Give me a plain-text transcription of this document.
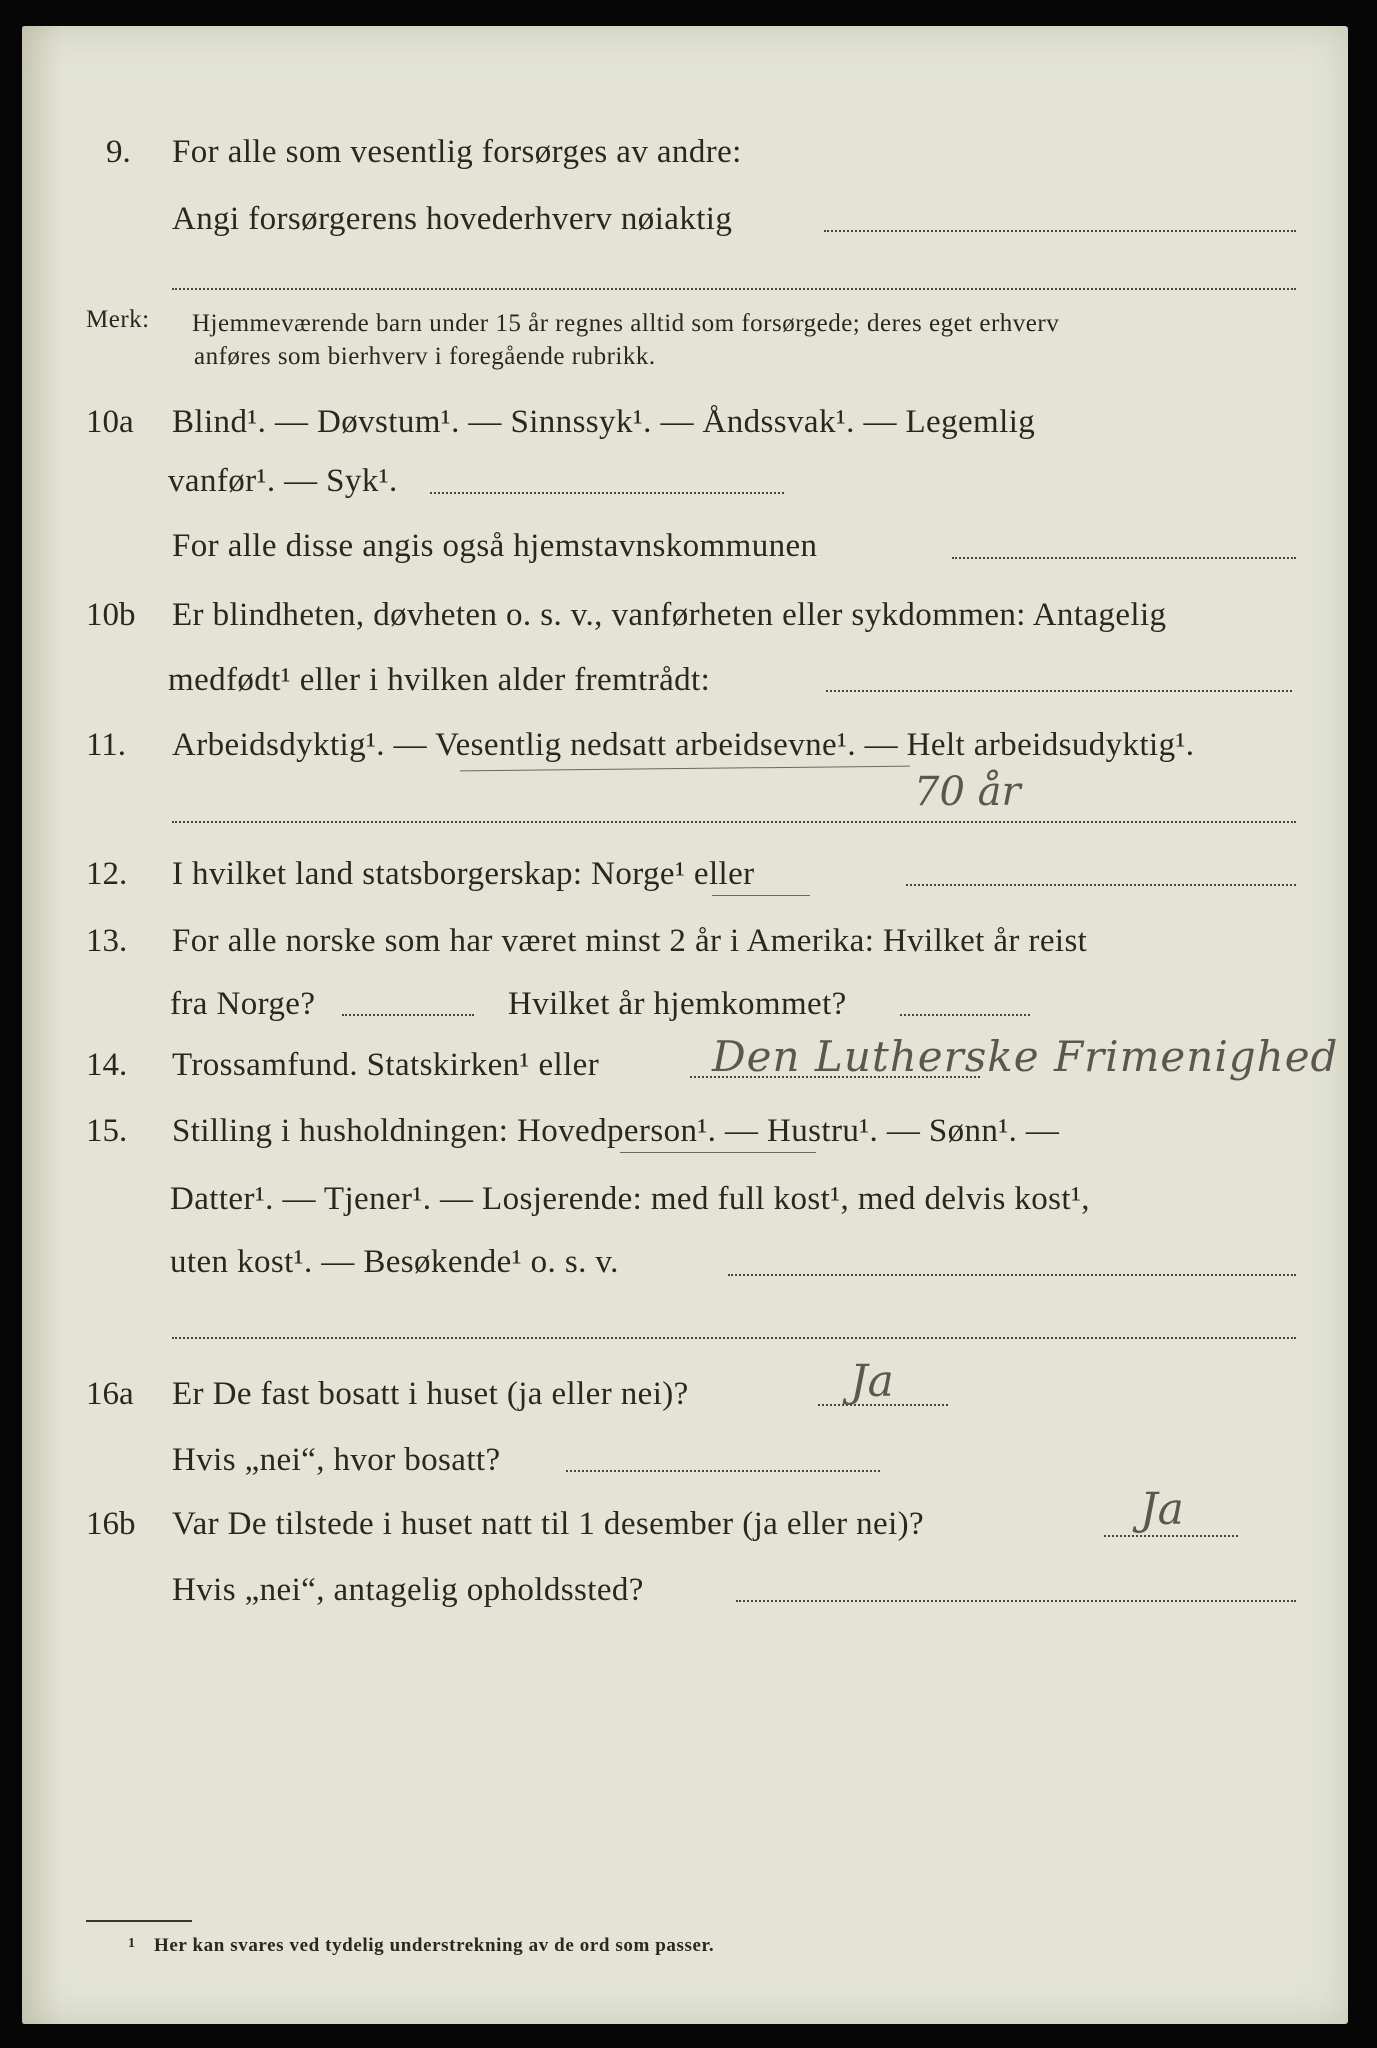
9. For alle som vesentlig forsørges av andre:
Angi forsørgerens hovederhverv nøiaktig
Merk: Hjemmeværende barn under 15 år regnes alltid som forsørgede; deres eget erhverv
anføres som bierhverv i foregående rubrikk.
10a Blind¹. — Døvstum¹. — Sinnssyk¹. — Åndssvak¹. — Legemlig
vanfør¹. — Syk¹.
For alle disse angis også hjemstavnskommunen
10b Er blindheten, døvheten o. s. v., vanførheten eller sykdommen: Antagelig
medfødt¹ eller i hvilken alder fremtrådt:
11. Arbeidsdyktig¹. — Vesentlig nedsatt arbeidsevne¹. — Helt arbeidsudyktig¹.
70 år
12. I hvilket land statsborgerskap: Norge¹ eller
13. For alle norske som har været minst 2 år i Amerika: Hvilket år reist
fra Norge?	Hvilket år hjemkommet?
14. Trossamfund. Statskirken¹ eller	Den Lutherske Frimenighed
15. Stilling i husholdningen: Hovedperson¹. — Hustru¹. — Sønn¹. —
Datter¹. — Tjener¹. — Losjerende: med full kost¹, med delvis kost¹,
uten kost¹. — Besøkende¹ o. s. v.
16a Er De fast bosatt i huset (ja eller nei)?	Ja
Hvis „nei“, hvor bosatt?
16b Var De tilstede i huset natt til 1 desember (ja eller nei)?	Ja
Hvis „nei“, antagelig opholdssted?
1 Her kan svares ved tydelig understrekning av de ord som passer.
